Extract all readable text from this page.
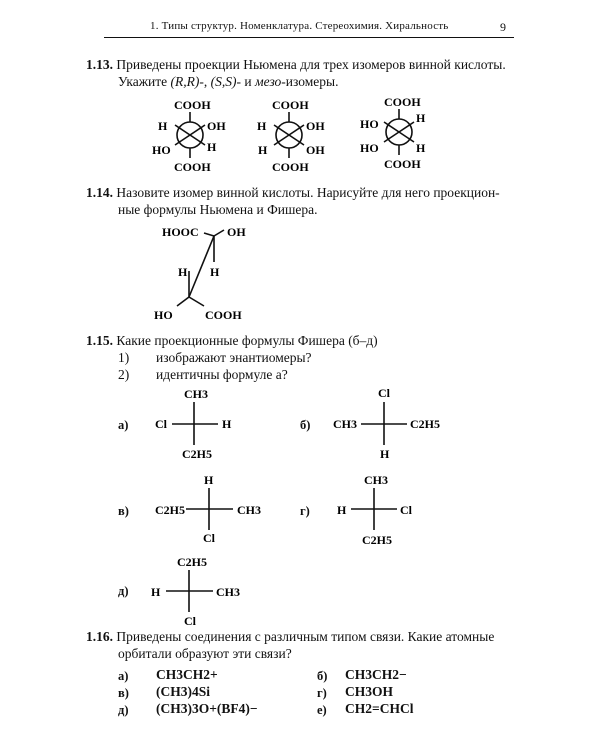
1. Типы структур. Номенклатура. Стереохимия. Хиральность	9
1.13. Приведены проекции Ньюмена для трех изомеров винной кислоты.
Укажите (R,R)-, (S,S)- и мезо-изомеры.
COOH
COOH
H	OH
HO	H
COOH
COOH
H	OH
H	OH
COOH
COOH
HO	H
HO	H
HOOC OH
H H
HO	COOH
CH3
Cl	H
C2H5
Cl
CH3	C2H5
H
H
C2H5	CH3
Cl
CH3
H	Cl
C2H5
C2H5
H	CH3
Cl
1.14. Назовите изомер винной кислоты. Нарисуйте для него проекцион-
ные формулы Ньюмена и Фишера.
1.15. Какие проекционные формулы Фишера (б–д)
1) изображают энантиомеры?
2) идентичны формуле а?
а)	б)
в)	г)
д)
1.16. Приведены соединения с различным типом связи. Какие атомные
орбитали образуют эти связи?
а) CH3CH2+	б) CH3CH2−
в) (CH3)4Si	г) CH3OH
д) (CH3)3O+(BF4)−	е) CH2=CHCl
